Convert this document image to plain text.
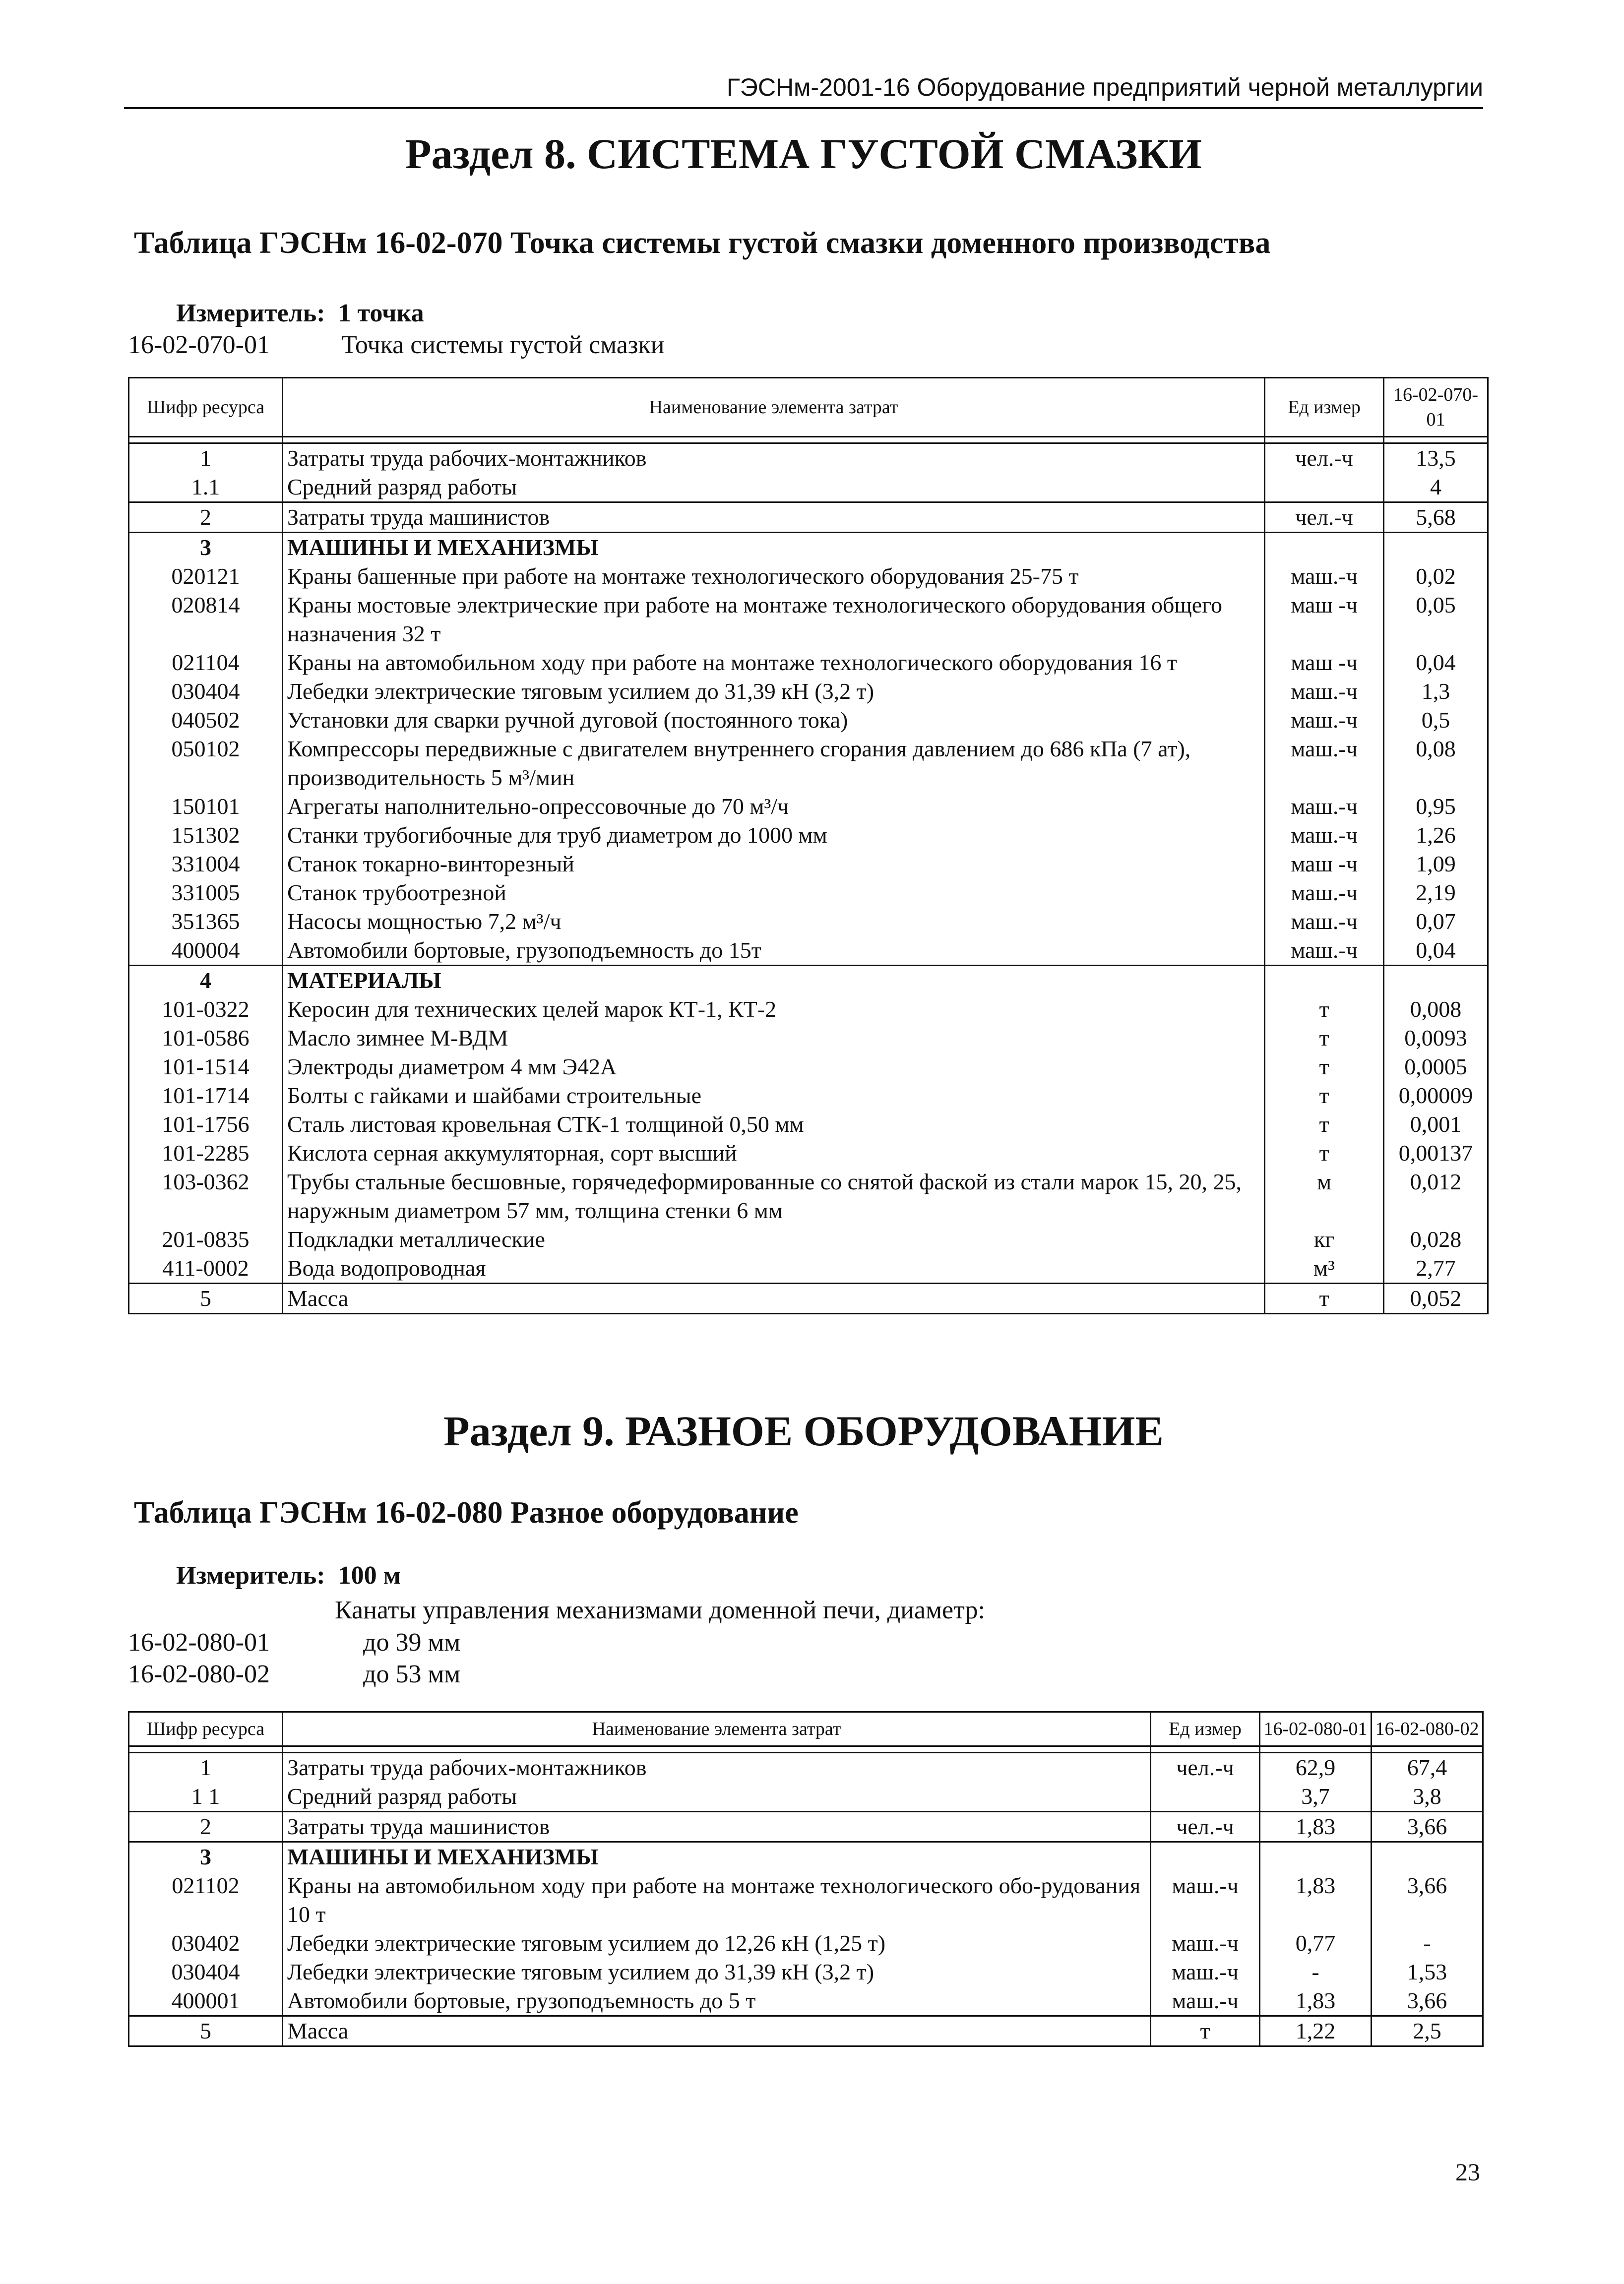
ГЭСНм-2001-16 Оборудование предприятий черной металлургии
Раздел 8. СИСТЕМА ГУСТОЙ СМАЗКИ
Таблица ГЭСНм 16-02-070 Точка системы густой смазки доменного производства
Измеритель: 1 точка
16-02-070-01	Точка системы густой смазки
Шифр ресурса	Наименование элемента затрат	Ед измер	16-02-070-01

1	Затраты труда рабочих-монтажников	чел.-ч	13,5
1.1	Средний разряд работы		4
2	Затраты труда машинистов	чел.-ч	5,68
3	МАШИНЫ И МЕХАНИЗМЫ		
020121	Краны башенные при работе на монтаже технологического оборудования 25-75 т	маш.-ч	0,02
020814	Краны мостовые электрические при работе на монтаже технологического оборудования общего назначения 32 т	маш -ч	0,05
021104	Краны на автомобильном ходу при работе на монтаже технологического оборудования 16 т	маш -ч	0,04
030404	Лебедки электрические тяговым усилием до 31,39 кН (3,2 т)	маш.-ч	1,3
040502	Установки для сварки ручной дуговой (постоянного тока)	маш.-ч	0,5
050102	Компрессоры передвижные с двигателем внутреннего сгорания давлением до 686 кПа (7 ат), производительность 5 м³/мин	маш.-ч	0,08
150101	Агрегаты наполнительно-опрессовочные до 70 м³/ч	маш.-ч	0,95
151302	Станки трубогибочные для труб диаметром до 1000 мм	маш.-ч	1,26
331004	Станок токарно-винторезный	маш -ч	1,09
331005	Станок трубоотрезной	маш.-ч	2,19
351365	Насосы мощностью 7,2 м³/ч	маш.-ч	0,07
400004	Автомобили бортовые, грузоподъемность до 15т	маш.-ч	0,04
4	МАТЕРИАЛЫ		
101-0322	Керосин для технических целей марок КТ-1, КТ-2	т	0,008
101-0586	Масло зимнее М-ВДМ	т	0,0093
101-1514	Электроды диаметром 4 мм Э42А	т	0,0005
101-1714	Болты с гайками и шайбами строительные	т	0,00009
101-1756	Сталь листовая кровельная СТК-1 толщиной 0,50 мм	т	0,001
101-2285	Кислота серная аккумуляторная, сорт высший	т	0,00137
103-0362	Трубы стальные бесшовные, горячедеформированные со снятой фаской из стали марок 15, 20, 25, наружным диаметром 57 мм, толщина стенки 6 мм	м	0,012
201-0835	Подкладки металлические	кг	0,028
411-0002	Вода водопроводная	м³	2,77
5	Масса	т	0,052
Раздел 9. РАЗНОЕ ОБОРУДОВАНИЕ
Таблица ГЭСНм 16-02-080 Разное оборудование
Измеритель: 100 м
Канаты управления механизмами доменной печи, диаметр:
16-02-080-01	до 39 мм
16-02-080-02	до 53 мм
Шифр ресурса	Наименование элемента затрат	Ед измер	16-02-080-01	16-02-080-02

1	Затраты труда рабочих-монтажников	чел.-ч	62,9	67,4
1 1	Средний разряд работы		3,7	3,8
2	Затраты труда машинистов	чел.-ч	1,83	3,66
3	МАШИНЫ И МЕХАНИЗМЫ			
021102	Краны на автомобильном ходу при работе на монтаже технологического обо-рудования 10 т	маш.-ч	1,83	3,66
030402	Лебедки электрические тяговым усилием до 12,26 кН (1,25 т)	маш.-ч	0,77	-
030404	Лебедки электрические тяговым усилием до 31,39 кН (3,2 т)	маш.-ч	-	1,53
400001	Автомобили бортовые, грузоподъемность до 5 т	маш.-ч	1,83	3,66
5	Масса	т	1,22	2,5
23
